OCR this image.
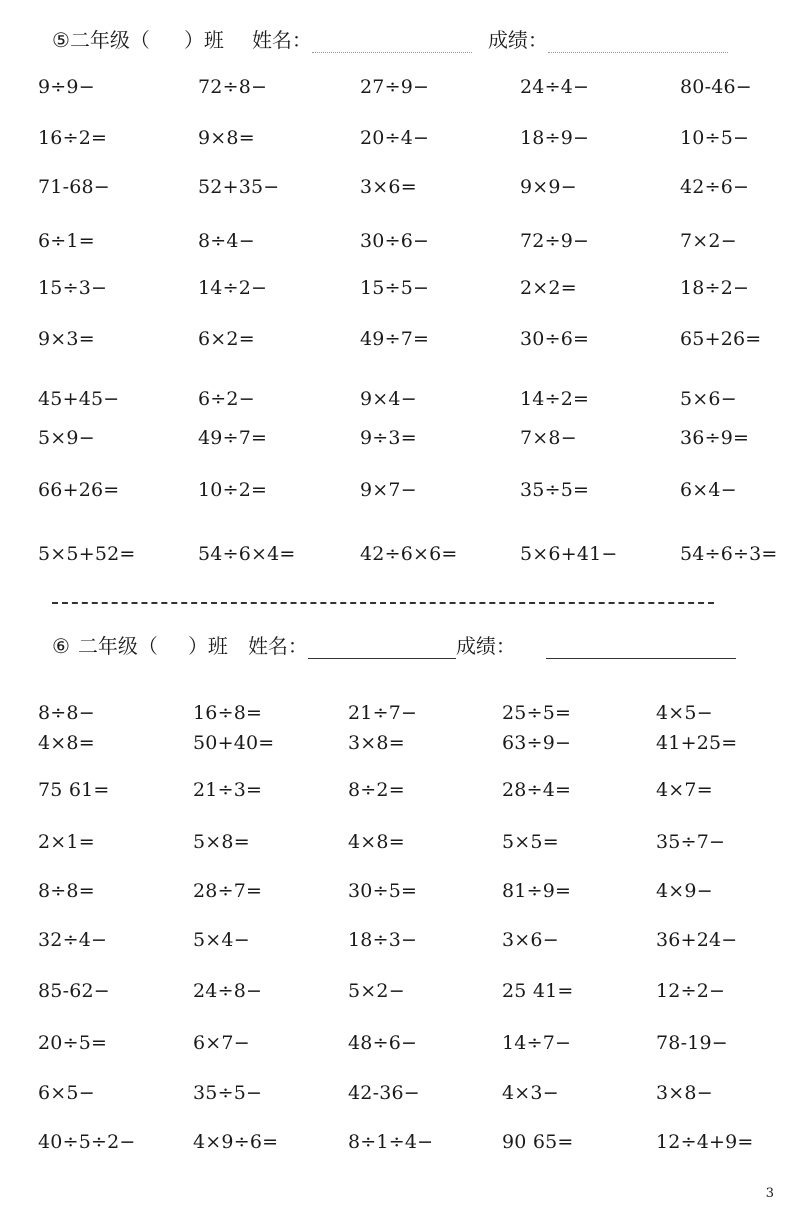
⑤二年级（ ）班 姓名：	成绩：
9÷9−	72÷8−	27÷9−	24÷4−	80-46−
16÷2=	9×8=	20÷4−	18÷9−	10÷5−
71-68−	52+35−	3×6=	9×9−	42÷6−
6÷1=	8÷4−	30÷6−	72÷9−	7×2−
15÷3−	14÷2−	15÷5−	2×2=	18÷2−
9×3=	6×2=	49÷7=	30÷6=	65+26=
45+45−	6÷2−	9×4−	14÷2=	5×6−
5×9−	49÷7=	9÷3=	7×8−	36÷9=
66+26=	10÷2=	9×7−	35÷5=	6×4−
5×5+52=	54÷6×4=	42÷6×6=	5×6+41−	54÷6÷3=
⑥ 二年级（ ）班 姓名：	成绩：
8÷8−	16÷8=	21÷7−	25÷5=	4×5−
4×8=	50+40=	3×8=	63÷9−	41+25=
75 61=	21÷3=	8÷2=	28÷4=	4×7=
2×1=	5×8=	4×8=	5×5=	35÷7−
8÷8=	28÷7=	30÷5=	81÷9=	4×9−
32÷4−	5×4−	18÷3−	3×6−	36+24−
85-62−	24÷8−	5×2−	25 41=	12÷2−
20÷5=	6×7−	48÷6−	14÷7−	78-19−
6×5−	35÷5−	42-36−	4×3−	3×8−
40÷5÷2−	4×9÷6=	8÷1÷4−	90 65=	12÷4+9=
3
